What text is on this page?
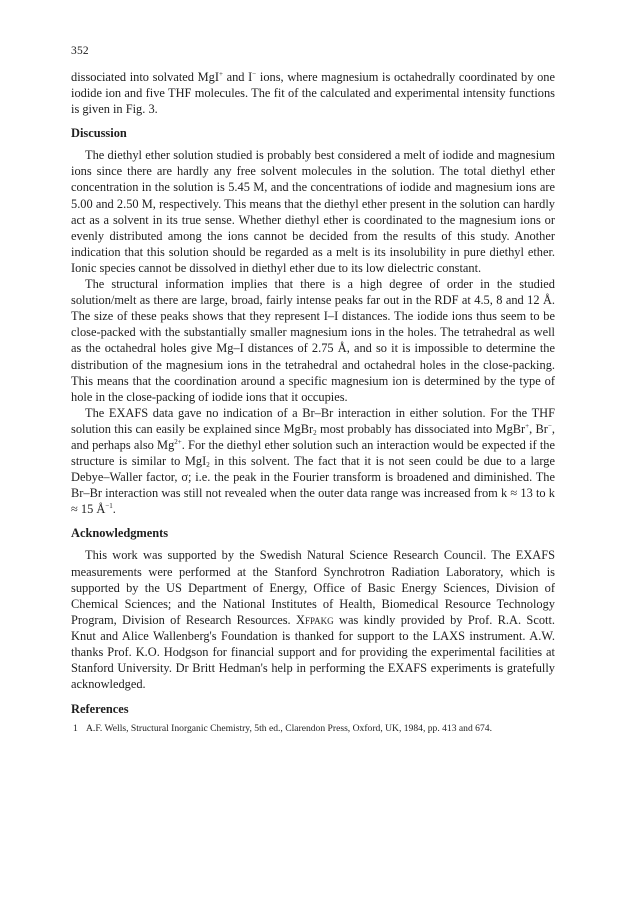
352

dissociated into solvated MgI+ and I− ions, where magnesium is octahedrally coordinated by one iodide ion and five THF molecules. The fit of the calculated and experimental intensity functions is given in Fig. 3.

Discussion

The diethyl ether solution studied is probably best considered a melt of iodide and magnesium ions since there are hardly any free solvent molecules in the solution. The total diethyl ether concentration in the solution is 5.45 M, and the concentrations of iodide and magnesium ions are 5.00 and 2.50 M, respectively. This means that the diethyl ether present in the solution can hardly act as a solvent in its true sense. Whether diethyl ether is coordinated to the magnesium ions or evenly distributed among the ions cannot be decided from the results of this study. Another indication that this solution should be regarded as a melt is its insolubility in pure diethyl ether. Ionic species cannot be dissolved in diethyl ether due to its low dielectric constant.

The structural information implies that there is a high degree of order in the studied solution/melt as there are large, broad, fairly intense peaks far out in the RDF at 4.5, 8 and 12 Å. The size of these peaks shows that they represent I–I distances. The iodide ions thus seem to be close-packed with the substantially smaller magnesium ions in the holes. The tetrahedral as well as the octahedral holes give Mg–I distances of 2.75 Å, and so it is impossible to determine the distribution of the magnesium ions in the tetrahedral and octahedral holes in the close-packing. This means that the coordination around a specific magnesium ion is determined by the type of hole in the close-packing of iodide ions that it occupies.

The EXAFS data gave no indication of a Br–Br interaction in either solution. For the THF solution this can easily be explained since MgBr$_2$ most probably has dissociated into MgBr+, Br−, and perhaps also $Mg^{2+}$. For the diethyl ether solution such an interaction would be expected if the structure is similar to MgI$_2$ in this solvent. The fact that it is not seen could be due to a large Debye–Waller factor, σ; i.e. the peak in the Fourier transform is broadened and diminished. The Br–Br interaction was still not revealed when the outer data range was increased from k ≈ 13 to k ≈ 15 $Å^{-1}$.

Acknowledgments

This work was supported by the Swedish Natural Science Research Council. The EXAFS measurements were performed at the Stanford Synchrotron Radiation Laboratory, which is supported by the US Department of Energy, Office of Basic Energy Sciences, Division of Chemical Sciences; and the National Institutes of Health, Biomedical Resource Technology Program, Division of Research Resources. Xfpakg was kindly provided by Prof. R.A. Scott. Knut and Alice Wallenberg's Foundation is thanked for support to the LAXS instrument. A.W. thanks Prof. K.O. Hodgson for financial support and for providing the experimental facilities at Stanford University. Dr Britt Hedman's help in performing the EXAFS experiments is gratefully acknowledged.

References
1 A.F. Wells, Structural Inorganic Chemistry, 5th ed., Clarendon Press, Oxford, UK, 1984, pp. 413 and 674.
